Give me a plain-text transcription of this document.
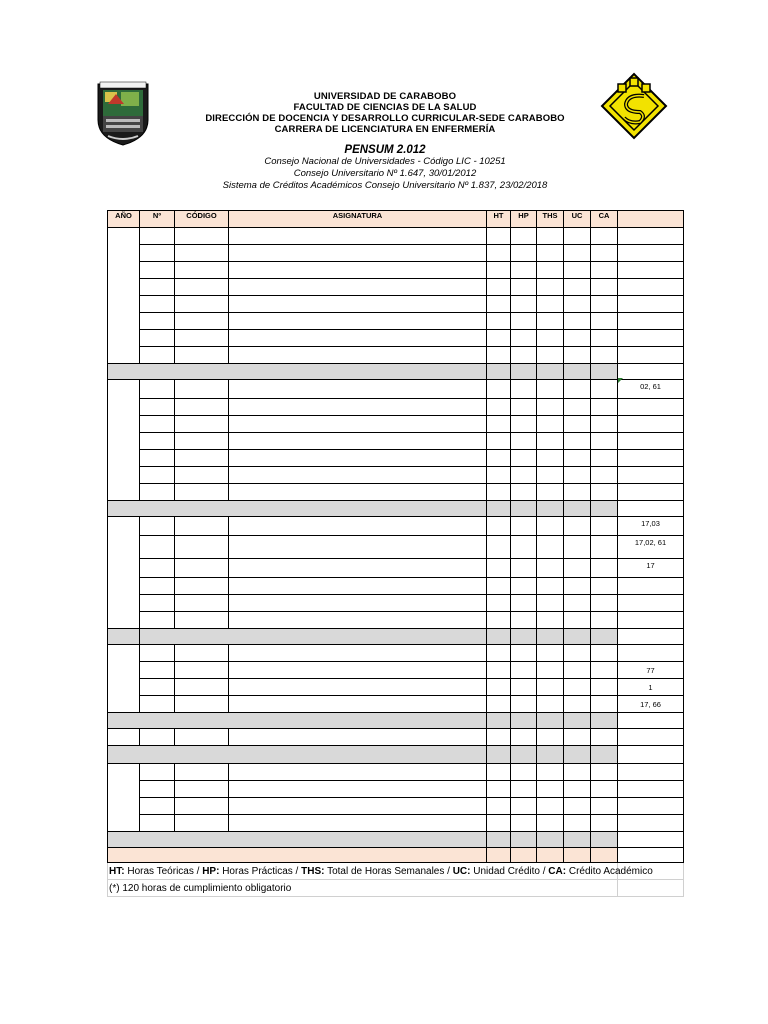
UNIVERSIDAD DE CARABOBO
FACULTAD DE CIENCIAS DE LA SALUD
DIRECCIÓN DE DOCENCIA Y DESARROLLO CURRICULAR-SEDE CARABOBO
CARRERA DE LICENCIATURA EN ENFERMERÍA
PENSUM 2.012
Consejo Nacional de Universidades - Código LIC - 10251
Consejo Universitario Nº 1.647, 30/01/2012
Sistema de Créditos Académicos Consejo Universitario Nº 1.837, 23/02/2018
AÑO	Nº	CÓDIGO	ASIGNATURA	HT	HP	THS	UC	CA	

									02, 61

									17,03
									17,02, 61
									17

									77
									1
									17, 66

HT: Horas Teóricas / HP: Horas Prácticas / THS: Total de Horas Semanales / UC: Unidad Crédito / CA: Crédito Académico									
(*) 120 horas de cumplimiento obligatorio									
